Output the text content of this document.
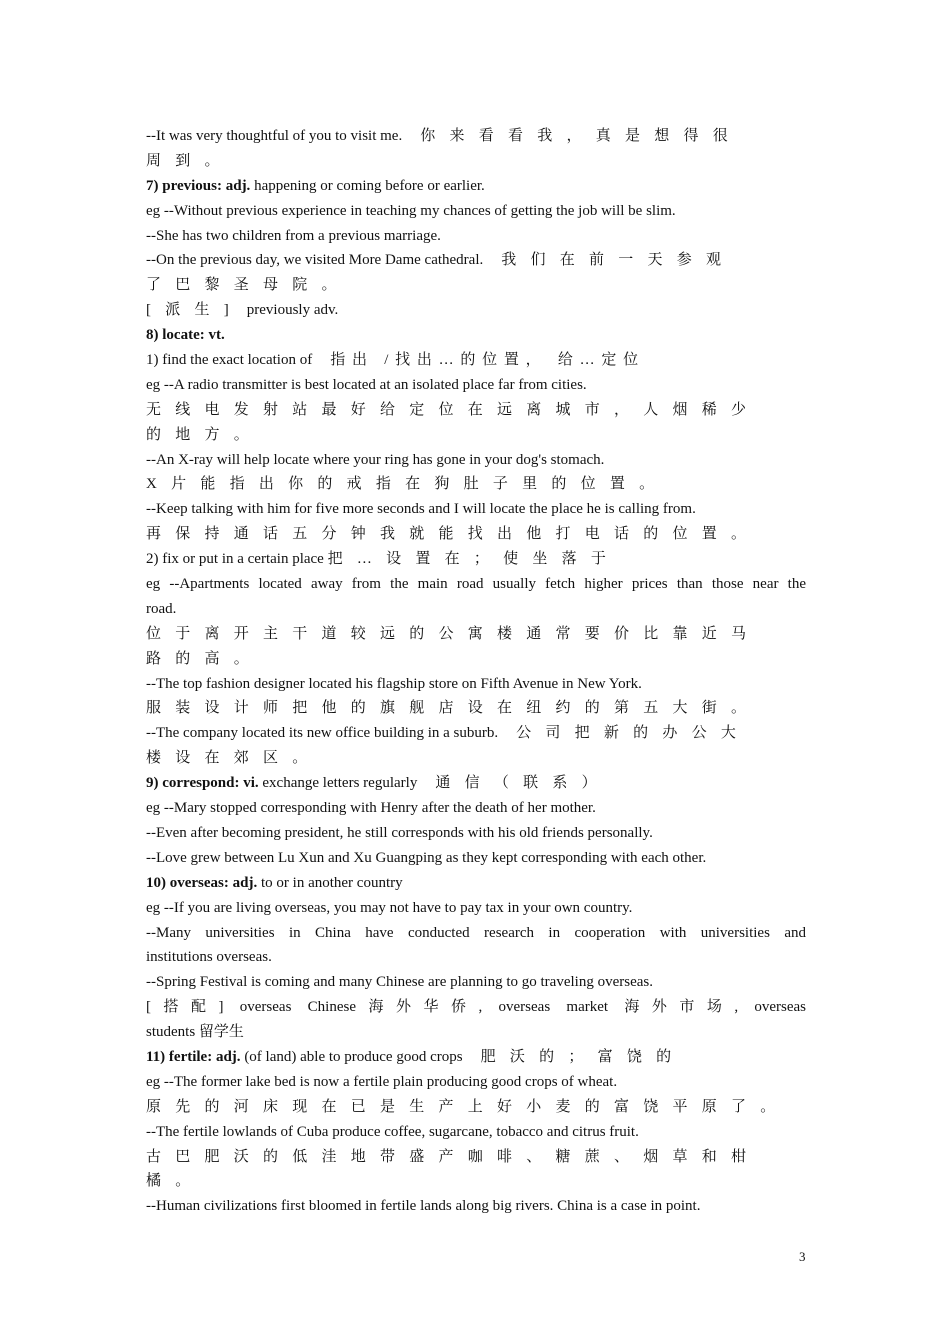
--It was very thoughtful of you to visit me. 你来看看我，真是想得很
周到。
7) previous: adj. happening or coming before or earlier.
eg --Without previous experience in teaching my chances of getting the job will be slim.
--She has two children from a previous marriage.
--On the previous day, we visited More Dame cathedral. 我们在前一天参观
了巴黎圣母院。
[派生] previously adv.
8) locate: vt.
1) find the exact location of 指出 /找出…的位置， 给…定位
eg --A radio transmitter is best located at an isolated place far from cities.
无线电发射站最好给定位在远离城市，人烟稀少
的地方。
--An X-ray will help locate where your ring has gone in your dog's stomach.
X片能指出你的戒指在狗肚子里的位置。
--Keep talking with him for five more seconds and I will locate the place he is calling from.
再保持通话五分钟我就能找出他打电话的位置。
2) fix or put in a certain place 把…设置在；使坐落于
eg --Apartments located away from the main road usually fetch higher prices than those near the
road.
位于离开主干道较远的公寓楼通常要价比靠近马
路的高。
--The top fashion designer located his flagship store on Fifth Avenue in New York.
服装设计师把他的旗舰店设在纽约的第五大街。
--The company located its new office building in a suburb. 公司把新的办公大
楼设在郊区。
9) correspond: vi. exchange letters regularly 通信（联系）
eg --Mary stopped corresponding with Henry after the death of her mother.
--Even after becoming president, he still corresponds with his old friends personally.
--Love grew between Lu Xun and Xu Guangping as they kept corresponding with each other.
10) overseas: adj. to or in another country
eg --If you are living overseas, you may not have to pay tax in your own country.
--Many universities in China have conducted research in cooperation with universities and
institutions overseas.
--Spring Festival is coming and many Chinese are planning to go traveling overseas.
[搭配] overseas Chinese海外华侨, overseas market 海外市场, overseas
students 留学生
11) fertile: adj. (of land) able to produce good crops 肥沃的；富饶的
eg --The former lake bed is now a fertile plain producing good crops of wheat.
原先的河床现在已是生产上好小麦的富饶平原了。
--The fertile lowlands of Cuba produce coffee, sugarcane, tobacco and citrus fruit.
古巴肥沃的低洼地带盛产咖啡、糖蔗、烟草和柑
橘。
--Human civilizations first bloomed in fertile lands along big rivers. China is a case in point.
3
